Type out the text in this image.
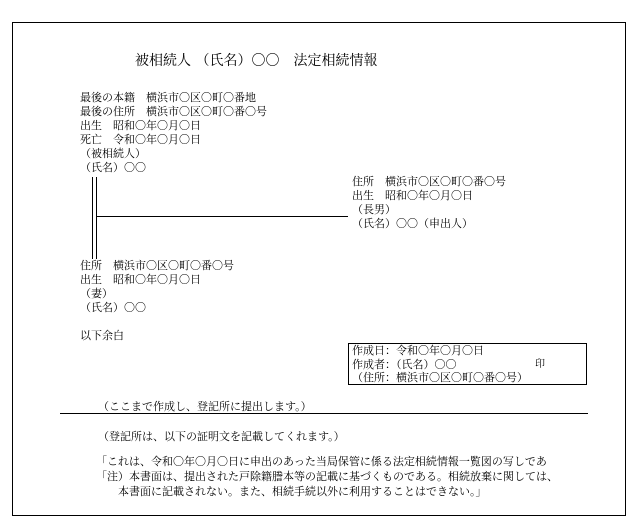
被相続人 （氏名）〇〇　法定相続情報
最後の本籍　横浜市〇区〇町〇番地
最後の住所　横浜市〇区〇町〇番〇号
出生　昭和〇年〇月〇日
死亡　令和〇年〇月〇日
（被相続人）
（氏名）〇〇
住所　横浜市〇区〇町〇番〇号
出生　昭和〇年〇月〇日
（長男）
（氏名）〇〇（申出人）
住所　横浜市〇区〇町〇番〇号
出生　昭和〇年〇月〇日
（妻）
（氏名）〇〇
以下余白
作成日：令和〇年〇月〇日
作成者：（氏名）〇〇	印
（住所：横浜市〇区〇町〇番〇号）
（ここまで作成し、登記所に提出します。）
（登記所は、以下の証明文を記載してくれます。）
「これは、令和〇年〇月〇日に申出のあった当局保管に係る法定相続情報一覧図の写しであ
「注）本書面は、提出された戸除籍謄本等の記載に基づくものである。相続放棄に関しては、
　　本書面に記載されない。また、相続手続以外に利用することはできない。」
